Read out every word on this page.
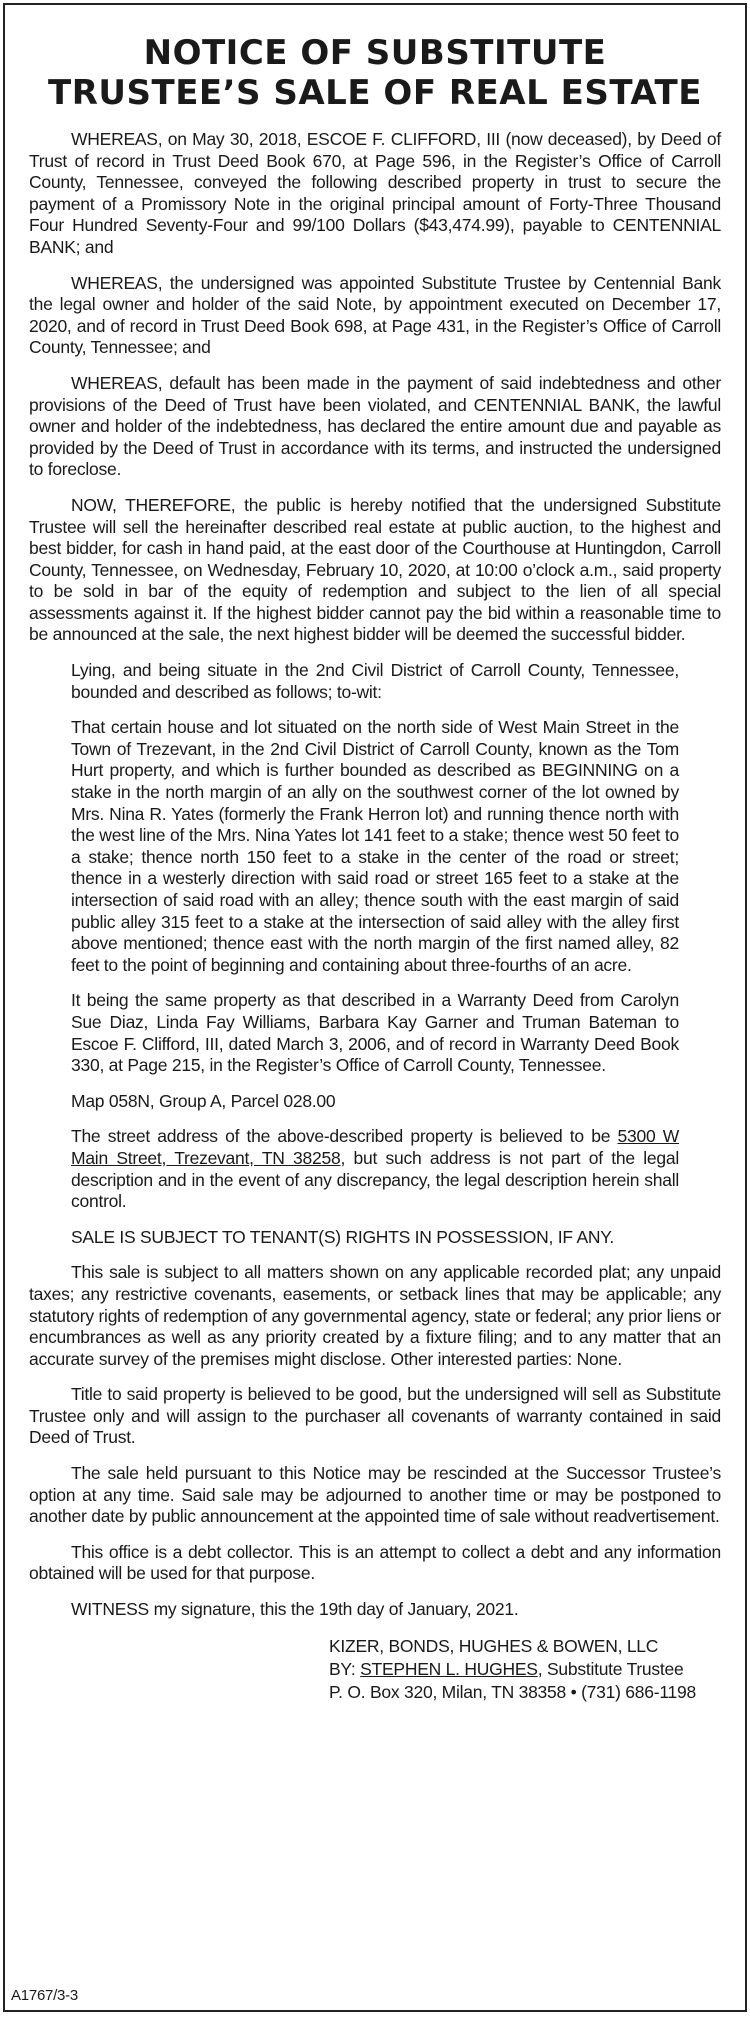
NOTICE OF SUBSTITUTE
TRUSTEE’S SALE OF REAL ESTATE

WHEREAS, on May 30, 2018, ESCOE F. CLIFFORD, III (now deceased), by Deed of Trust of record in Trust Deed Book 670, at Page 596, in the Register’s Office of Carroll County, Tennessee, conveyed the following described property in trust to secure the payment of a Promissory Note in the original principal amount of Forty-Three Thousand Four Hundred Seventy-Four and 99/100 Dollars ($43,474.99), payable to CENTENNIAL BANK; and

WHEREAS, the undersigned was appointed Substitute Trustee by Centennial Bank the legal owner and holder of the said Note, by appointment executed on December 17, 2020, and of record in Trust Deed Book 698, at Page 431, in the Register’s Office of Carroll County, Tennessee; and

WHEREAS, default has been made in the payment of said indebtedness and other provisions of the Deed of Trust have been violated, and CENTENNIAL BANK, the lawful owner and holder of the indebtedness, has declared the entire amount due and payable as provided by the Deed of Trust in accordance with its terms, and instructed the undersigned to foreclose.

NOW, THEREFORE, the public is hereby notified that the undersigned Substitute Trustee will sell the hereinafter described real estate at public auction, to the highest and best bidder, for cash in hand paid, at the east door of the Courthouse at Huntingdon, Carroll County, Tennessee, on Wednesday, February 10, 2020, at 10:00 o’clock a.m., said property to be sold in bar of the equity of redemption and subject to the lien of all special assessments against it. If the highest bidder cannot pay the bid within a reasonable time to be announced at the sale, the next highest bidder will be deemed the successful bidder.

Lying, and being situate in the 2nd Civil District of Carroll County, Tennessee, bounded and described as follows; to-wit:

That certain house and lot situated on the north side of West Main Street in the Town of Trezevant, in the 2nd Civil District of Carroll County, known as the Tom Hurt property, and which is further bounded as described as BEGINNING on a stake in the north margin of an ally on the southwest corner of the lot owned by Mrs. Nina R. Yates (formerly the Frank Herron lot) and running thence north with the west line of the Mrs. Nina Yates lot 141 feet to a stake; thence west 50 feet to a stake; thence north 150 feet to a stake in the center of the road or street; thence in a westerly direction with said road or street 165 feet to a stake at the intersection of said road with an alley; thence south with the east margin of said public alley 315 feet to a stake at the intersection of said alley with the alley first above mentioned; thence east with the north margin of the first named alley, 82 feet to the point of beginning and containing about three-fourths of an acre.

It being the same property as that described in a Warranty Deed from Carolyn Sue Diaz, Linda Fay Williams, Barbara Kay Garner and Truman Bateman to Escoe F. Clifford, III, dated March 3, 2006, and of record in Warranty Deed Book 330, at Page 215, in the Register’s Office of Carroll County, Tennessee.

Map 058N, Group A, Parcel 028.00

The street address of the above-described property is believed to be 5300 W Main Street, Trezevant, TN 38258, but such address is not part of the legal description and in the event of any discrepancy, the legal description herein shall control.

SALE IS SUBJECT TO TENANT(S) RIGHTS IN POSSESSION, IF ANY.

This sale is subject to all matters shown on any applicable recorded plat; any unpaid taxes; any restrictive covenants, easements, or setback lines that may be applicable; any statutory rights of redemption of any governmental agency, state or federal; any prior liens or encumbrances as well as any priority created by a fixture filing; and to any matter that an accurate survey of the premises might disclose. Other interested parties: None.

Title to said property is believed to be good, but the undersigned will sell as Substitute Trustee only and will assign to the purchaser all covenants of warranty contained in said Deed of Trust.

The sale held pursuant to this Notice may be rescinded at the Successor Trustee’s option at any time. Said sale may be adjourned to another time or may be postponed to another date by public announcement at the appointed time of sale without readvertisement.

This office is a debt collector. This is an attempt to collect a debt and any information obtained will be used for that purpose.

WITNESS my signature, this the 19th day of January, 2021.

KIZER, BONDS, HUGHES & BOWEN, LLC
BY: STEPHEN L. HUGHES, Substitute Trustee
P. O. Box 320, Milan, TN 38358 • (731) 686-1198
A1767/3-3
